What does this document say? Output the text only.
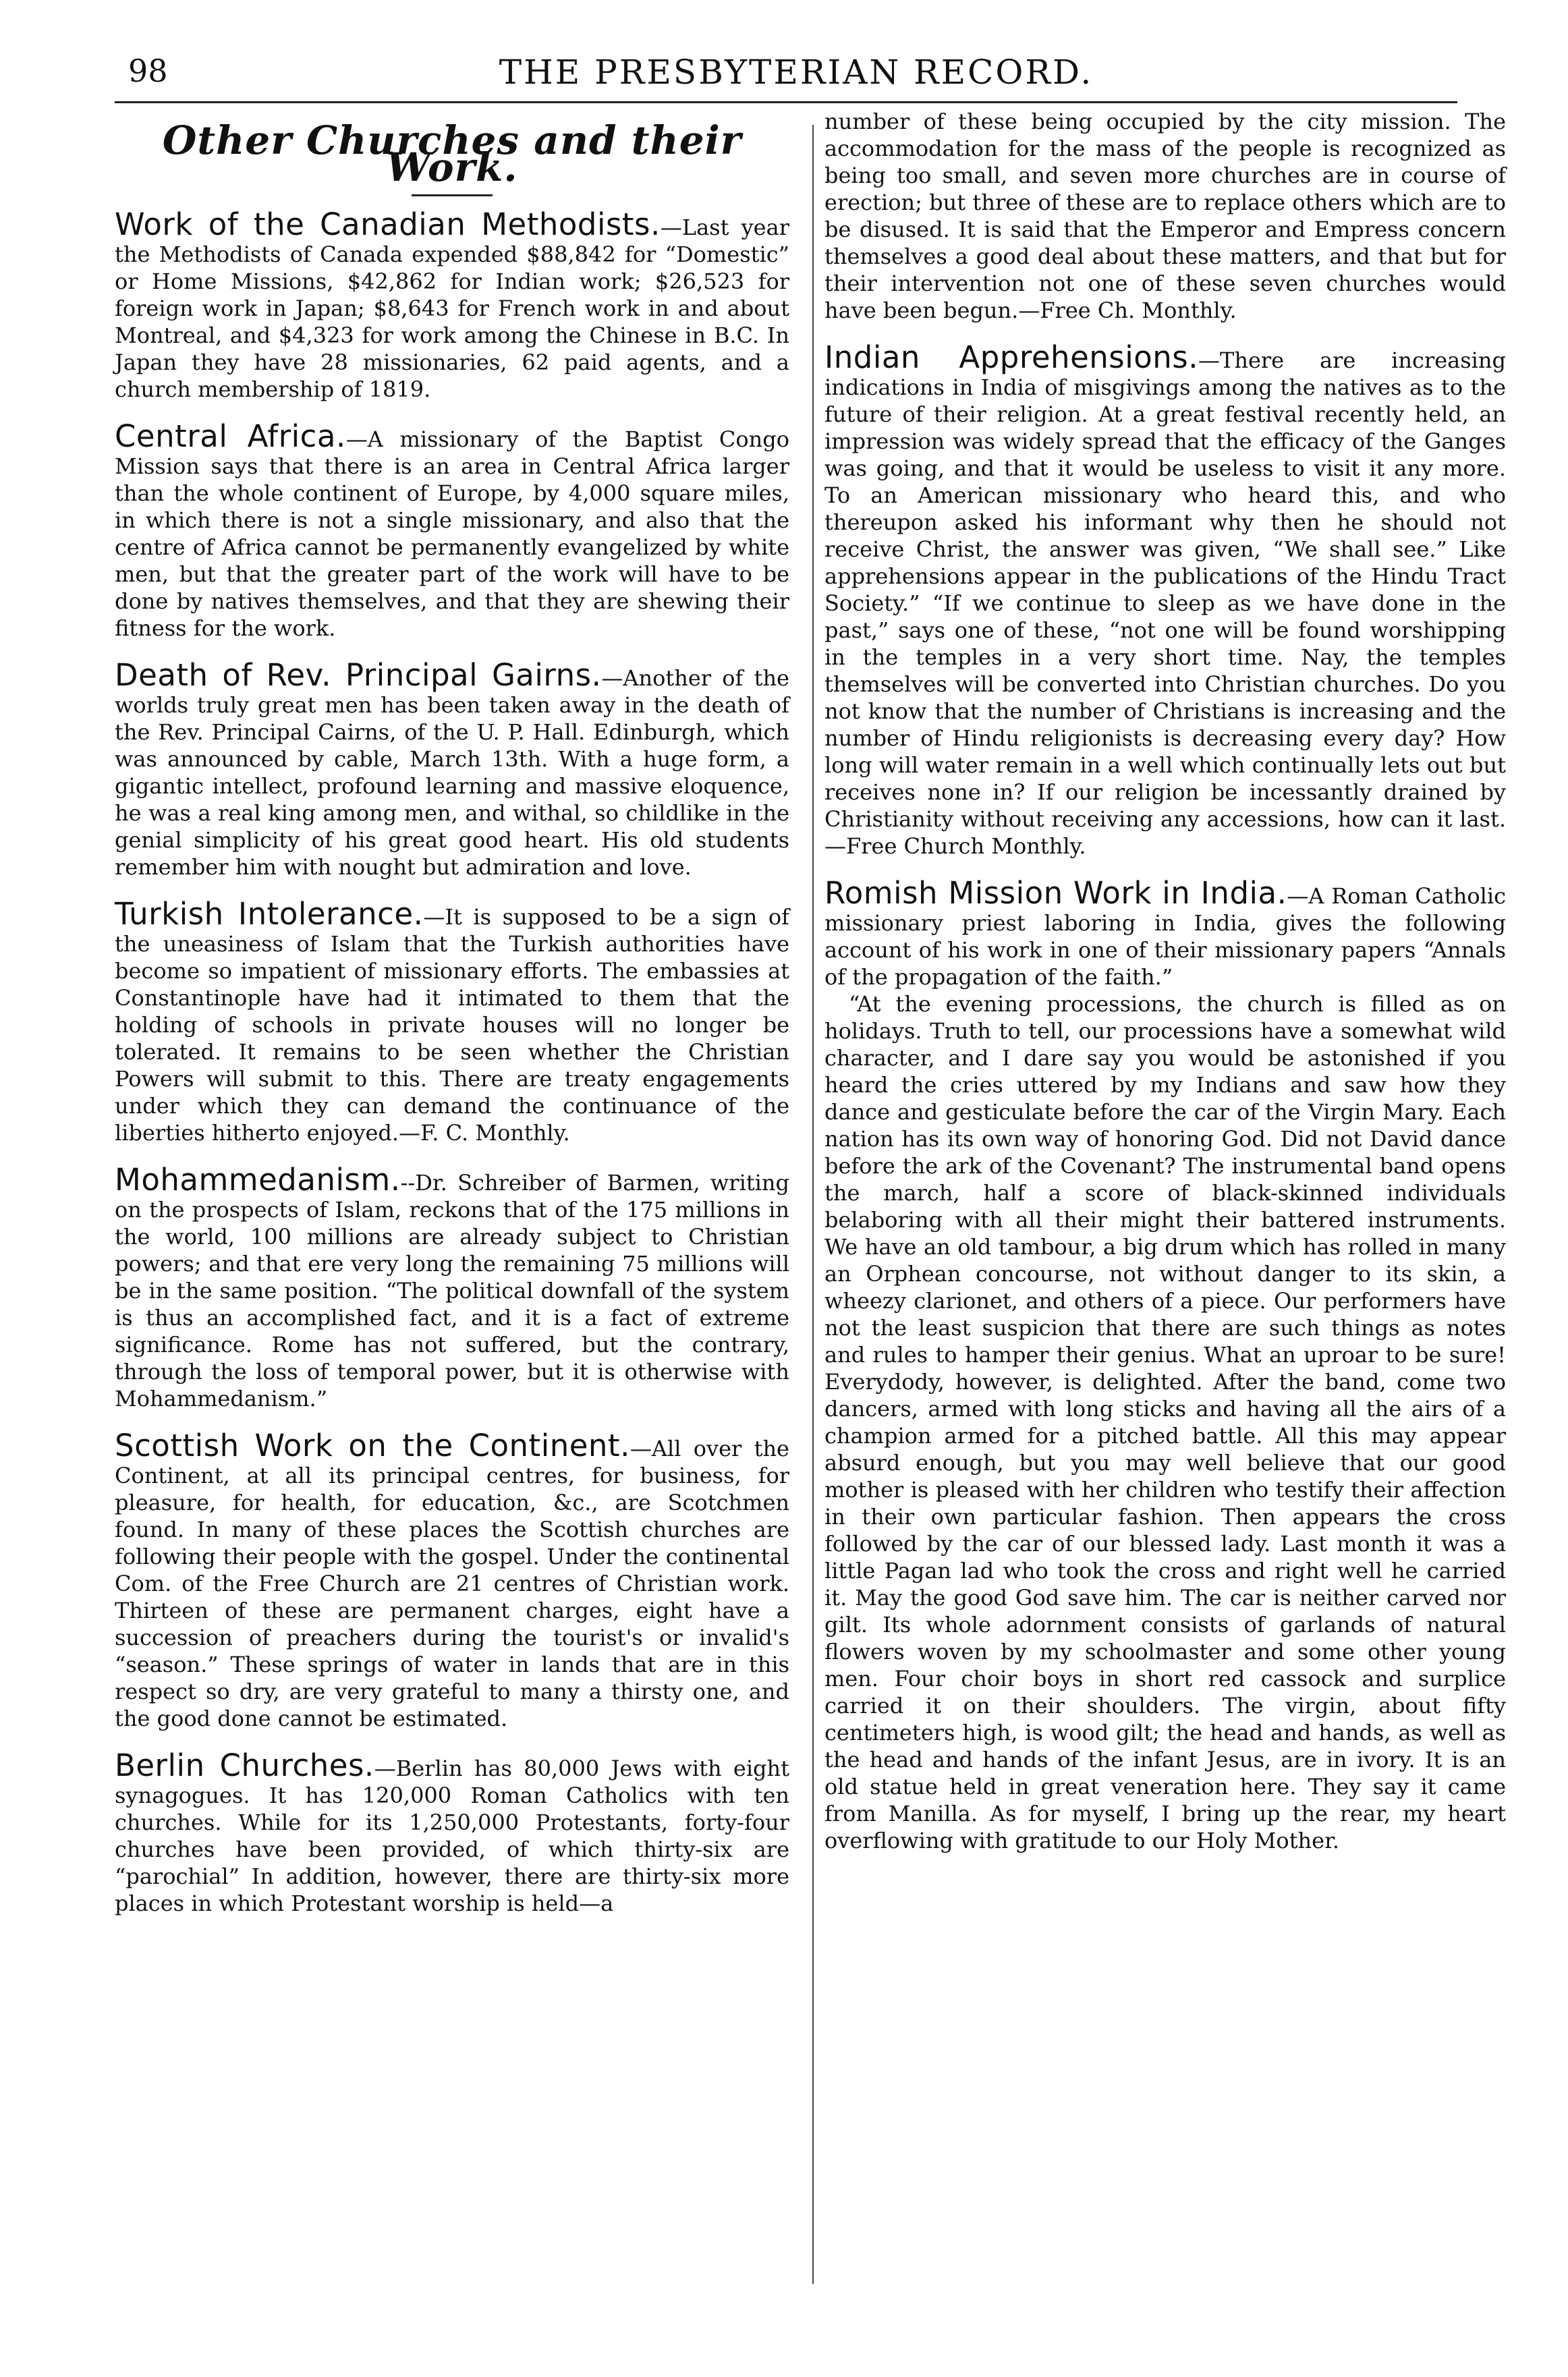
98	THE PRESBYTERIAN RECORD.
Other Churches and their Work.

Work of the Canadian Methodists.—Last year the Methodists of Canada expended $88,842 for “Domestic” or Home Missions, $42,862 for Indian work; $26,523 for foreign work in Japan; $8,643 for French work in and about Montreal, and $4,323 for work among the Chinese in B.C. In Japan they have 28 missionaries, 62 paid agents, and a church membership of 1819.

Central Africa.—A missionary of the Baptist Congo Mission says that there is an area in Central Africa larger than the whole continent of Europe, by 4,000 square miles, in which there is not a single missionary, and also that the centre of Africa cannot be permanently evangelized by white men, but that the greater part of the work will have to be done by natives themselves, and that they are shewing their fitness for the work.

Death of Rev. Principal Gairns.—Another of the worlds truly great men has been taken away in the death of the Rev. Principal Cairns, of the U. P. Hall. Edinburgh, which was announced by cable, March 13th. With a huge form, a gigantic intellect, profound learning and massive eloquence, he was a real king among men, and withal, so childlike in the genial simplicity of his great good heart. His old students remember him with nought but admiration and love.

Turkish Intolerance.—It is supposed to be a sign of the uneasiness of Islam that the Turkish authorities have become so impatient of missionary efforts. The embassies at Constantinople have had it intimated to them that the holding of schools in private houses will no longer be tolerated. It remains to be seen whether the Christian Powers will submit to this. There are treaty engagements under which they can demand the continuance of the liberties hitherto enjoyed.—F. C. Monthly.

Mohammedanism.--Dr. Schreiber of Barmen, writing on the prospects of Islam, reckons that of the 175 millions in the world, 100 millions are already subject to Christian powers; and that ere very long the remaining 75 millions will be in the same position. “The political downfall of the system is thus an accomplished fact, and it is a fact of extreme significance. Rome has not suffered, but the contrary, through the loss of temporal power, but it is otherwise with Mohammedanism.”

Scottish Work on the Continent.—All over the Continent, at all its principal centres, for business, for pleasure, for health, for education, &c., are Scotchmen found. In many of these places the Scottish churches are following their people with the gospel. Under the continental Com. of the Free Church are 21 centres of Christian work. Thirteen of these are permanent charges, eight have a succession of preachers during the tourist's or invalid's “season.” These springs of water in lands that are in this respect so dry, are very grateful to many a thirsty one, and the good done cannot be estimated.

Berlin Churches.—Berlin has 80,000 Jews with eight synagogues. It has 120,000 Roman Catholics with ten churches. While for its 1,250,000 Protestants, forty-four churches have been provided, of which thirty-six are “parochial” In addition, however, there are thirty-six more places in which Protestant worship is held—a

number of these being occupied by the city mission. The accommodation for the mass of the people is recognized as being too small, and seven more churches are in course of erection; but three of these are to replace others which are to be disused. It is said that the Emperor and Empress concern themselves a good deal about these matters, and that but for their intervention not one of these seven churches would have been begun.—Free Ch. Monthly.

Indian Apprehensions.—There are increasing indications in India of misgivings among the natives as to the future of their religion. At a great festival recently held, an impression was widely spread that the efficacy of the Ganges was going, and that it would be useless to visit it any more. To an American missionary who heard this, and who thereupon asked his informant why then he should not receive Christ, the answer was given, “We shall see.” Like apprehensions appear in the publications of the Hindu Tract Society.” “If we continue to sleep as we have done in the past,” says one of these, “not one will be found worshipping in the temples in a very short time. Nay, the temples themselves will be converted into Christian churches. Do you not know that the number of Christians is increasing and the number of Hindu religionists is decreasing every day? How long will water remain in a well which continually lets out but receives none in? If our religion be incessantly drained by Christianity without receiving any accessions, how can it last.—Free Church Monthly.

Romish Mission Work in India.—A Roman Catholic missionary priest laboring in India, gives the following account of his work in one of their missionary papers “Annals of the propagation of the faith.”

“At the evening processions, the church is filled as on holidays. Truth to tell, our processions have a somewhat wild character, and I dare say you would be astonished if you heard the cries uttered by my Indians and saw how they dance and gesticulate before the car of the Virgin Mary. Each nation has its own way of honoring God. Did not David dance before the ark of the Covenant? The instrumental band opens the march, half a score of black-skinned individuals belaboring with all their might their battered instruments. We have an old tambour, a big drum which has rolled in many an Orphean concourse, not without danger to its skin, a wheezy clarionet, and others of a piece. Our performers have not the least suspicion that there are such things as notes and rules to hamper their genius. What an uproar to be sure! Everydody, however, is delighted. After the band, come two dancers, armed with long sticks and having all the airs of a champion armed for a pitched battle. All this may appear absurd enough, but you may well believe that our good mother is pleased with her children who testify their affection in their own particular fashion. Then appears the cross followed by the car of our blessed lady. Last month it was a little Pagan lad who took the cross and right well he carried it. May the good God save him. The car is neither carved nor gilt. Its whole adornment consists of garlands of natural flowers woven by my schoolmaster and some other young men. Four choir boys in short red cassock and surplice carried it on their shoulders. The virgin, about fifty centimeters high, is wood gilt; the head and hands, as well as the head and hands of the infant Jesus, are in ivory. It is an old statue held in great veneration here. They say it came from Manilla. As for myself, I bring up the rear, my heart overflowing with gratitude to our Holy Mother.
